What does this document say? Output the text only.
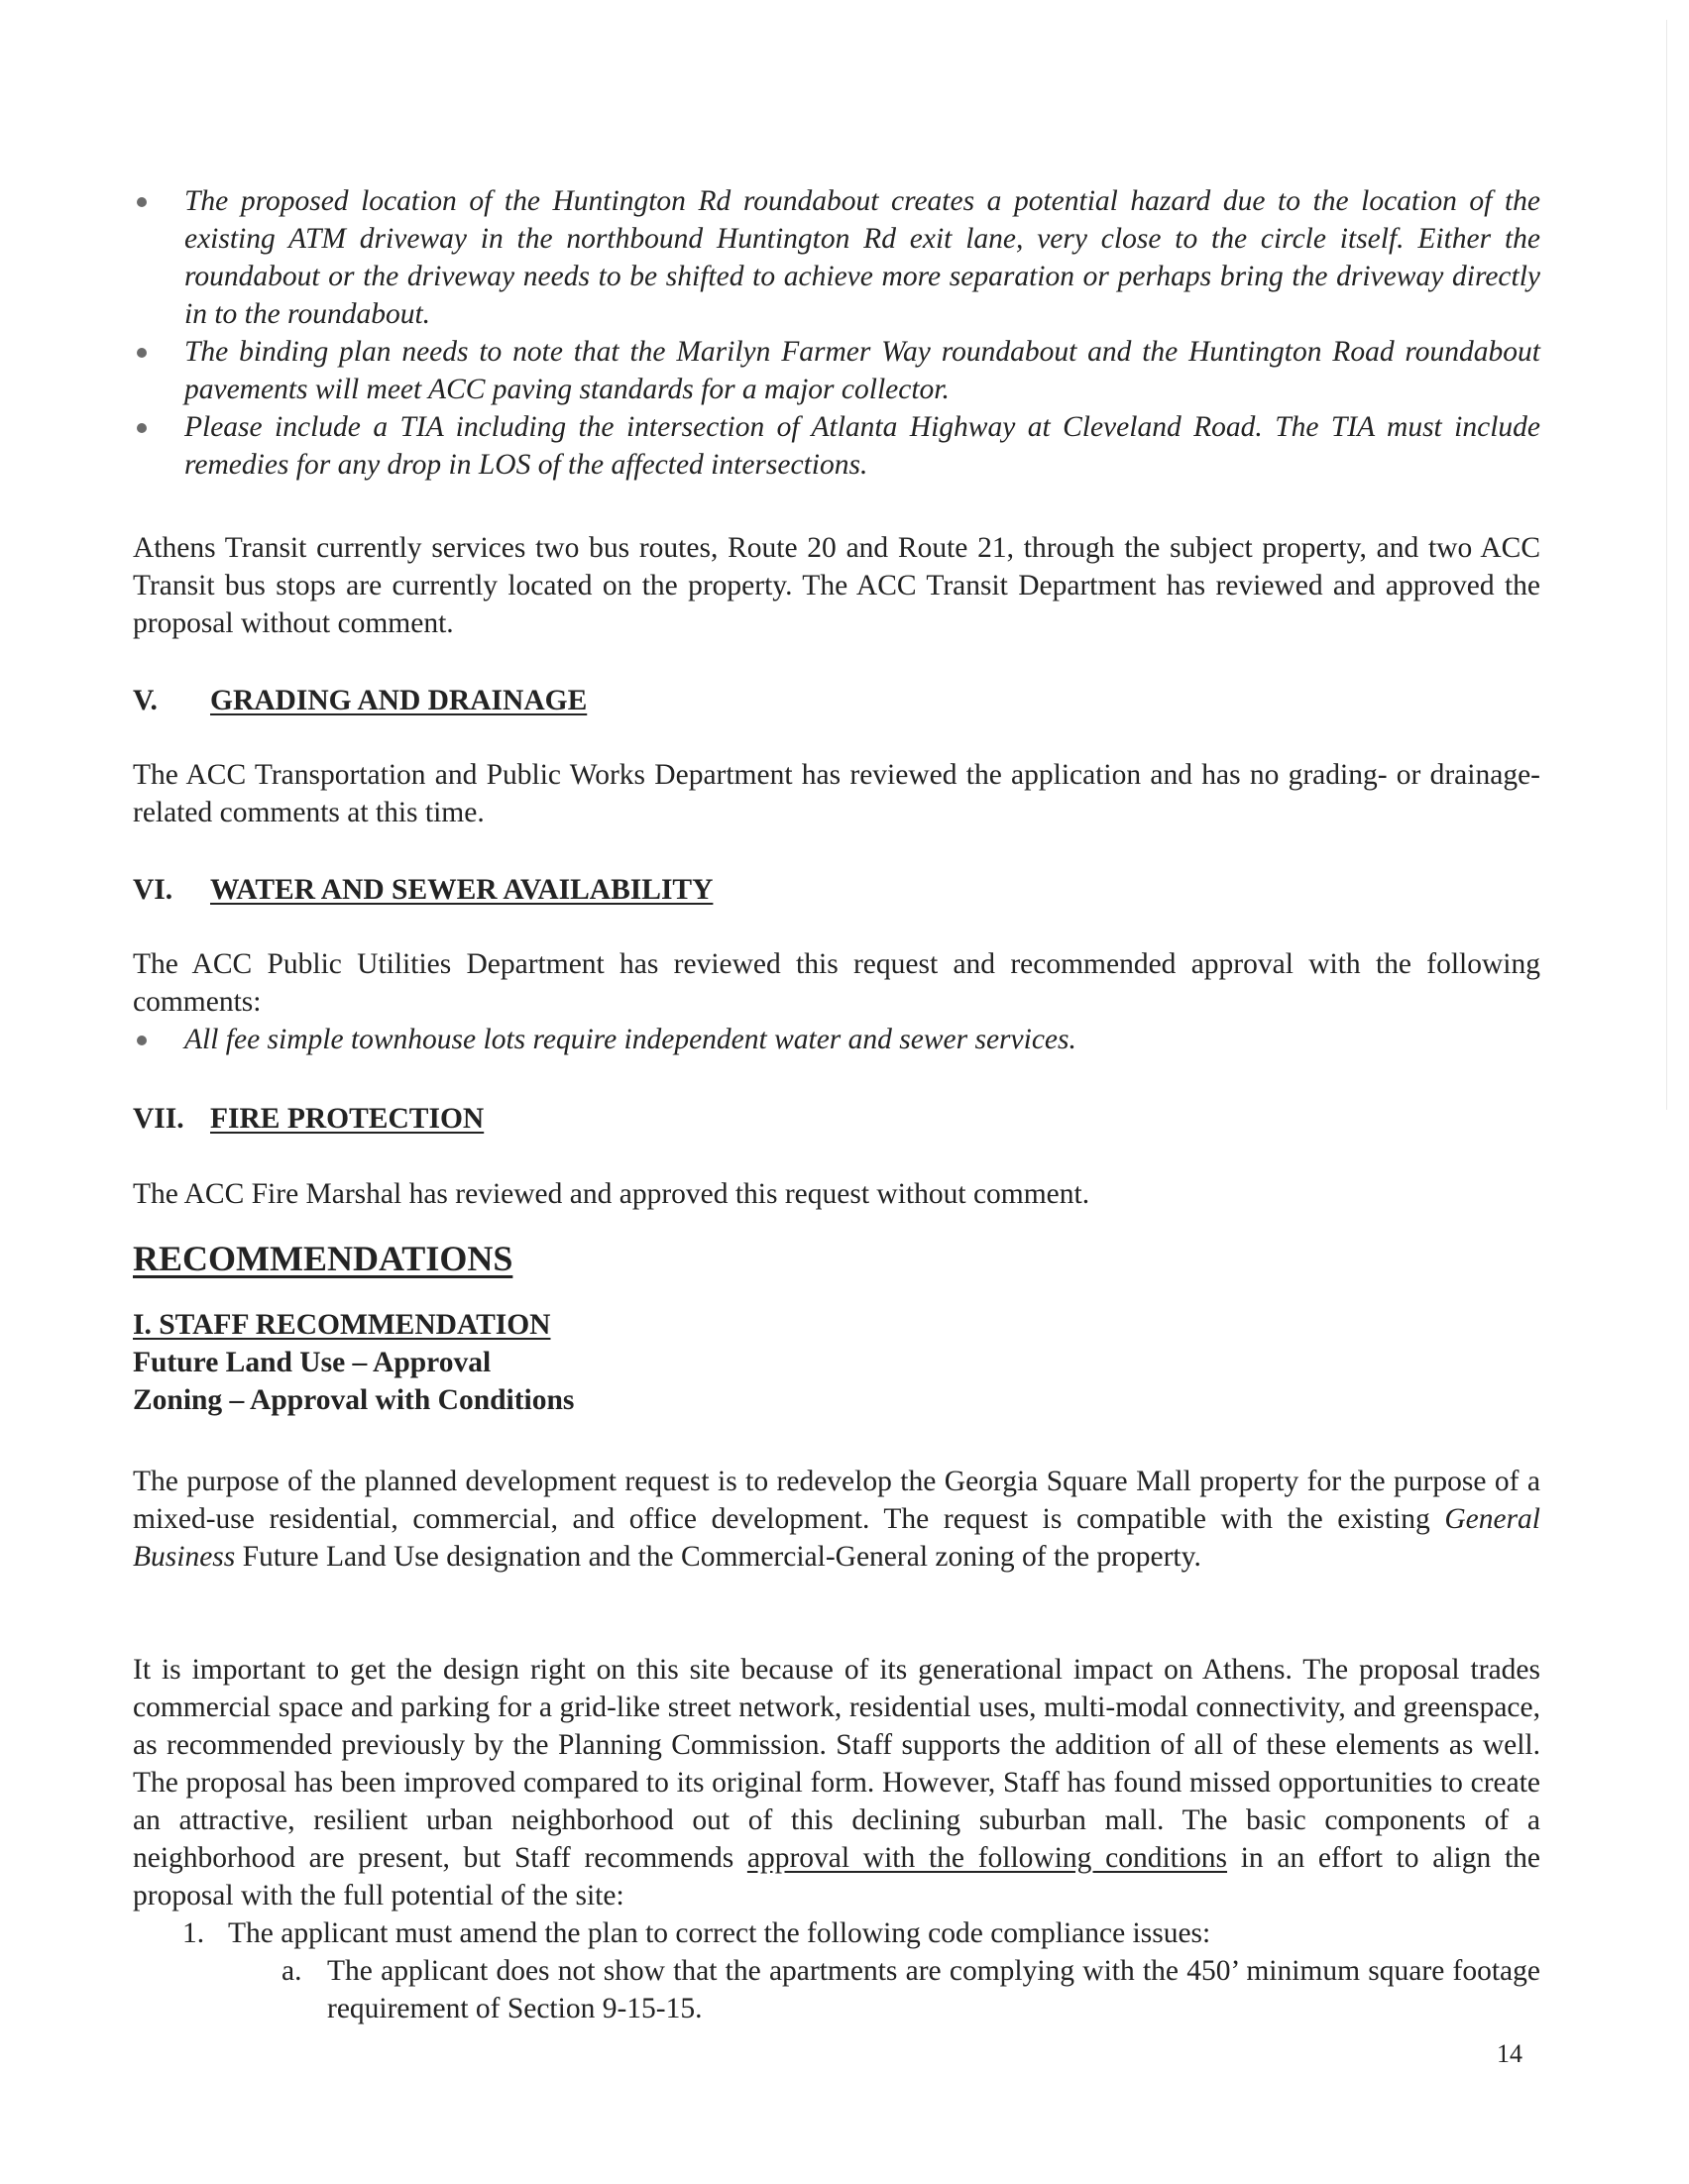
The proposed location of the Huntington Rd roundabout creates a potential hazard due to the location of the existing ATM driveway in the northbound Huntington Rd exit lane, very close to the circle itself. Either the roundabout or the driveway needs to be shifted to achieve more separation or perhaps bring the driveway directly in to the roundabout.
The binding plan needs to note that the Marilyn Farmer Way roundabout and the Huntington Road roundabout pavements will meet ACC paving standards for a major collector.
Please include a TIA including the intersection of Atlanta Highway at Cleveland Road. The TIA must include remedies for any drop in LOS of the affected intersections.

Athens Transit currently services two bus routes, Route 20 and Route 21, through the subject property, and two ACC Transit bus stops are currently located on the property. The ACC Transit Department has reviewed and approved the proposal without comment.

V. GRADING AND DRAINAGE

The ACC Transportation and Public Works Department has reviewed the application and has no grading- or drainage-related comments at this time.

VI. WATER AND SEWER AVAILABILITY

The ACC Public Utilities Department has reviewed this request and recommended approval with the following comments:

All fee simple townhouse lots require independent water and sewer services.
VII. FIRE PROTECTION

The ACC Fire Marshal has reviewed and approved this request without comment.

RECOMMENDATIONS
I. STAFF RECOMMENDATION
Future Land Use – Approval
Zoning – Approval with Conditions

The purpose of the planned development request is to redevelop the Georgia Square Mall property for the purpose of a mixed-use residential, commercial, and office development. The request is compatible with the existing General Business Future Land Use designation and the Commercial-General zoning of the property.

It is important to get the design right on this site because of its generational impact on Athens. The proposal trades commercial space and parking for a grid-like street network, residential uses, multi-modal connectivity, and greenspace, as recommended previously by the Planning Commission. Staff supports the addition of all of these elements as well. The proposal has been improved compared to its original form. However, Staff has found missed opportunities to create an attractive, resilient urban neighborhood out of this declining suburban mall. The basic components of a neighborhood are present, but Staff recommends approval with the following conditions in an effort to align the proposal with the full potential of the site:

1. The applicant must amend the plan to correct the following code compliance issues:
a. The applicant does not show that the apartments are complying with the 450’ minimum square footage requirement of Section 9-15-15.
14
